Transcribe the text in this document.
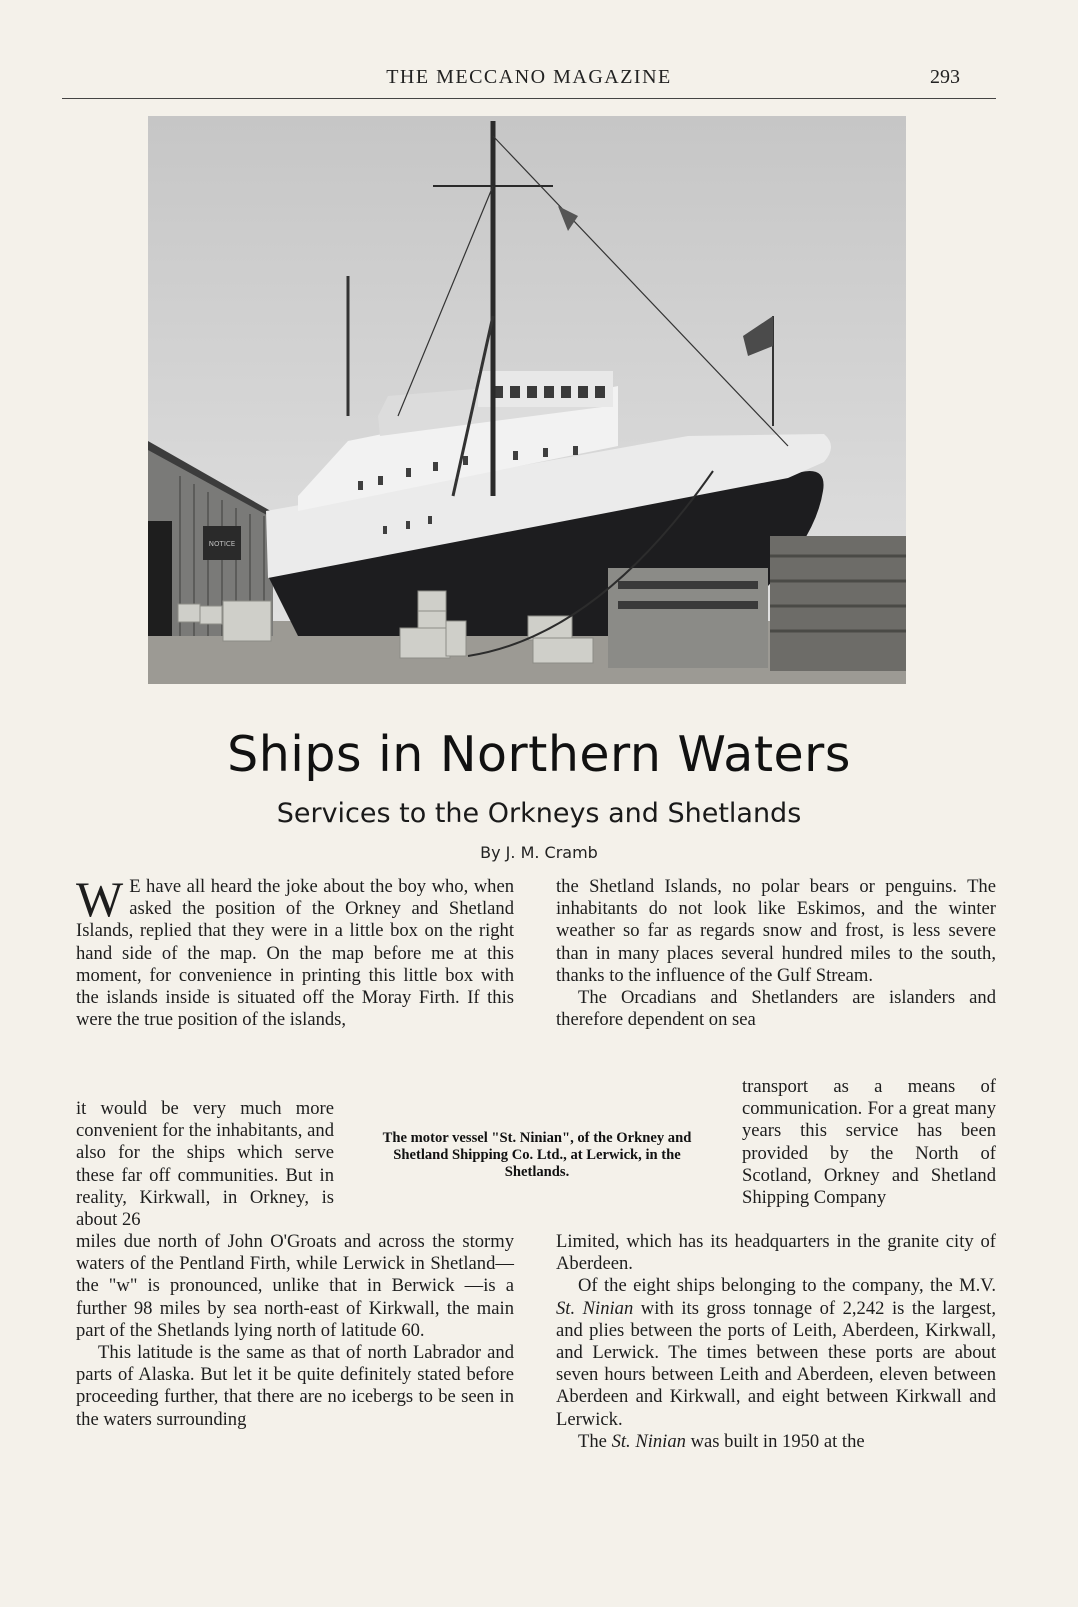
THE MECCANO MAGAZINE	293
NOTICE
Ships in Northern Waters
Services to the Orkneys and Shetlands
By J. M. Cramb

W E have all heard the joke about the boy who, when asked the position of the Orkney and Shetland Islands, replied that they were in a little box on the right hand side of the map. On the map before me at this moment, for convenience in printing this little box with the islands inside is situated off the Moray Firth. If this were the true position of the islands,

it would be very much more convenient for the inhabitants, and also for the ships which serve these far off communities. But in reality, Kirkwall, in Orkney, is about 26

miles due north of John O'Groats and across the stormy waters of the Pentland Firth, while Lerwick in Shetland—the "w" is pronounced, unlike that in Berwick —is a further 98 miles by sea north-east of Kirkwall, the main part of the Shetlands lying north of latitude 60.

This latitude is the same as that of north Labrador and parts of Alaska. But let it be quite definitely stated before proceeding further, that there are no icebergs to be seen in the waters surrounding

The motor vessel "St. Ninian", of the Orkney and Shetland Shipping Co. Ltd., at Lerwick, in the Shetlands.

the Shetland Islands, no polar bears or penguins. The inhabitants do not look like Eskimos, and the winter weather so far as regards snow and frost, is less severe than in many places several hundred miles to the south, thanks to the influence of the Gulf Stream.

The Orcadians and Shetlanders are islanders and therefore dependent on sea

transport as a means of communication. For a great many years this service has been provided by the North of Scotland, Orkney and Shetland Shipping Company

Limited, which has its headquarters in the granite city of Aberdeen.

Of the eight ships belonging to the company, the M.V. St. Ninian with its gross tonnage of 2,242 is the largest, and plies between the ports of Leith, Aberdeen, Kirkwall, and Lerwick. The times between these ports are about seven hours between Leith and Aberdeen, eleven between Aberdeen and Kirkwall, and eight between Kirkwall and Lerwick.

The St. Ninian was built in 1950 at the
